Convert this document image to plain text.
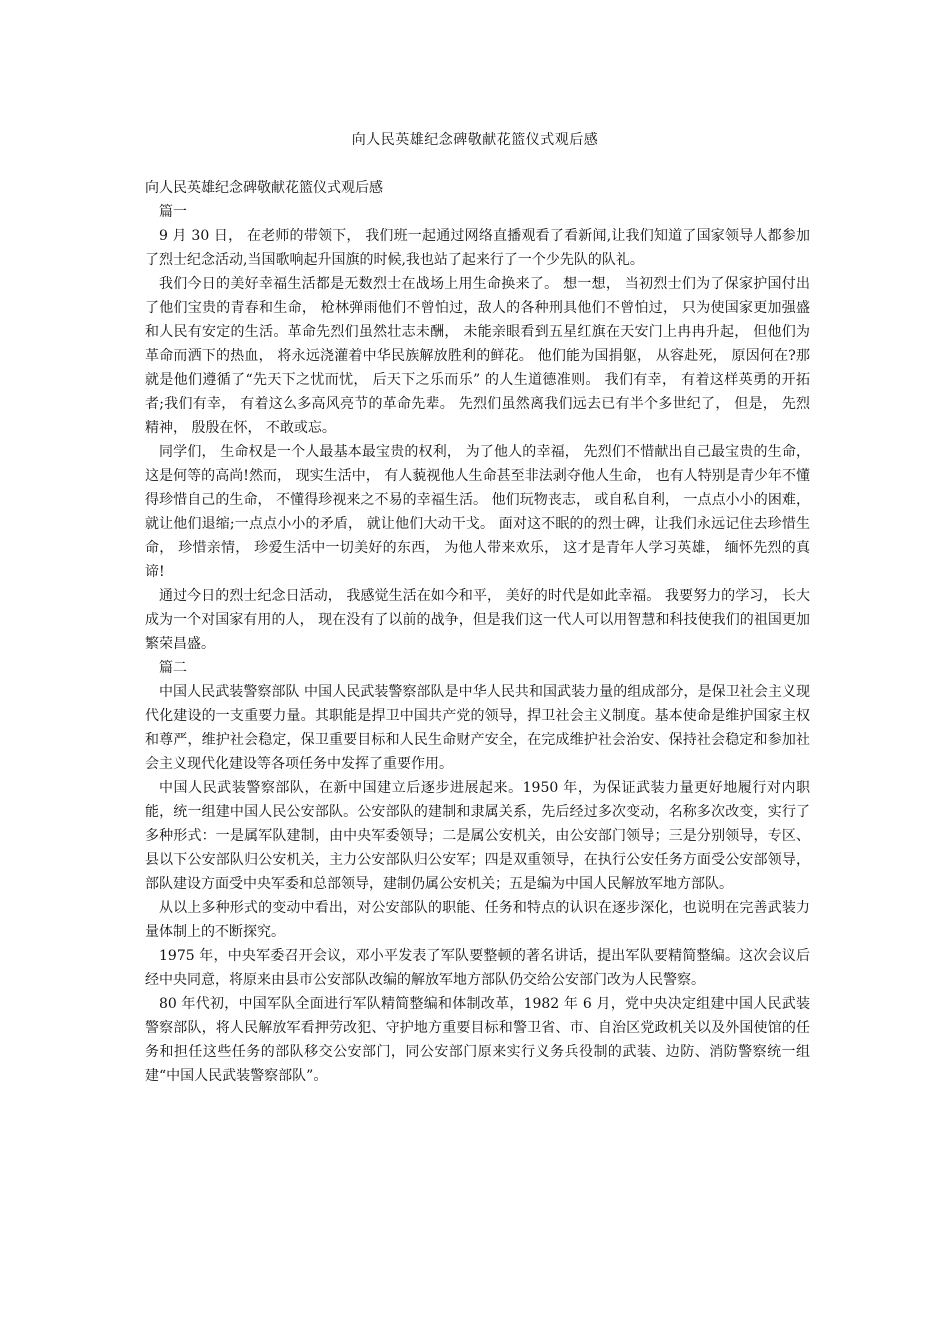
向人民英雄纪念碑敬献花篮仪式观后感

向人民英雄纪念碑敬献花篮仪式观后感

篇一

9 月 30 日， 在老师的带领下， 我们班一起通过网络直播观看了看新闻,让我们知道了国家领导人都参加了烈士纪念活动,当国歌响起升国旗的时候,我也站了起来行了一个少先队的队礼。

我们今日的美好幸福生活都是无数烈士在战场上用生命换来了。 想一想， 当初烈士们为了保家护国付出了他们宝贵的青春和生命， 枪林弹雨他们不曾怕过，敌人的各种刑具他们不曾怕过， 只为使国家更加强盛和人民有安定的生活。革命先烈们虽然壮志未酬， 未能亲眼看到五星红旗在天安门上冉冉升起， 但他们为革命而洒下的热血， 将永远浇灌着中华民族解放胜利的鲜花。 他们能为国捐躯， 从容赴死， 原因何在?那就是他们遵循了“先天下之忧而忧， 后天下之乐而乐” 的人生道德准则。 我们有幸， 有着这样英勇的开拓者;我们有幸， 有着这么多高风亮节的革命先辈。 先烈们虽然离我们远去已有半个多世纪了， 但是， 先烈精神， 殷殷在怀， 不敢或忘。

同学们， 生命权是一个人最基本最宝贵的权利， 为了他人的幸福， 先烈们不惜献出自己最宝贵的生命， 这是何等的高尚!然而， 现实生活中， 有人藐视他人生命甚至非法剥夺他人生命， 也有人特别是青少年不懂得珍惜自己的生命， 不懂得珍视来之不易的幸福生活。 他们玩物丧志， 或自私自利， 一点点小小的困难，就让他们退缩;一点点小小的矛盾， 就让他们大动干戈。 面对这不眠的的烈士碑，让我们永远记住去珍惜生命， 珍惜亲情， 珍爱生活中一切美好的东西， 为他人带来欢乐， 这才是青年人学习英雄， 缅怀先烈的真谛!

通过今日的烈士纪念日活动， 我感觉生活在如今和平， 美好的时代是如此幸福。 我要努力的学习， 长大成为一个对国家有用的人， 现在没有了以前的战争，但是我们这一代人可以用智慧和科技使我们的祖国更加繁荣昌盛。

篇二

中国人民武装警察部队 中国人民武装警察部队是中华人民共和国武装力量的组成部分，是保卫社会主义现代化建设的一支重要力量。其职能是捍卫中国共产党的领导，捍卫社会主义制度。基本使命是维护国家主权和尊严，维护社会稳定，保卫重要目标和人民生命财产安全，在完成维护社会治安、保持社会稳定和参加社会主义现代化建设等各项任务中发挥了重要作用。

中国人民武装警察部队，在新中国建立后逐步进展起来。1950 年，为保证武装力量更好地履行对内职能，统一组建中国人民公安部队。公安部队的建制和隶属关系，先后经过多次变动，名称多次改变，实行了多种形式：一是属军队建制，由中央军委领导；二是属公安机关，由公安部门领导；三是分别领导，专区、县以下公安部队归公安机关，主力公安部队归公安军；四是双重领导，在执行公安任务方面受公安部领导，部队建设方面受中央军委和总部领导，建制仍属公安机关；五是编为中国人民解放军地方部队。

从以上多种形式的变动中看出，对公安部队的职能、任务和特点的认识在逐步深化，也说明在完善武装力量体制上的不断探究。

1975 年，中央军委召开会议，邓小平发表了军队要整顿的著名讲话，提出军队要精简整编。这次会议后经中央同意，将原来由县市公安部队改编的解放军地方部队仍交给公安部门改为人民警察。

80 年代初，中国军队全面进行军队精简整编和体制改革，1982 年 6 月，党中央决定组建中国人民武装警察部队，将人民解放军看押劳改犯、守护地方重要目标和警卫省、市、自治区党政机关以及外国使馆的任务和担任这些任务的部队移交公安部门，同公安部门原来实行义务兵役制的武装、边防、消防警察统一组建“中国人民武装警察部队”。
